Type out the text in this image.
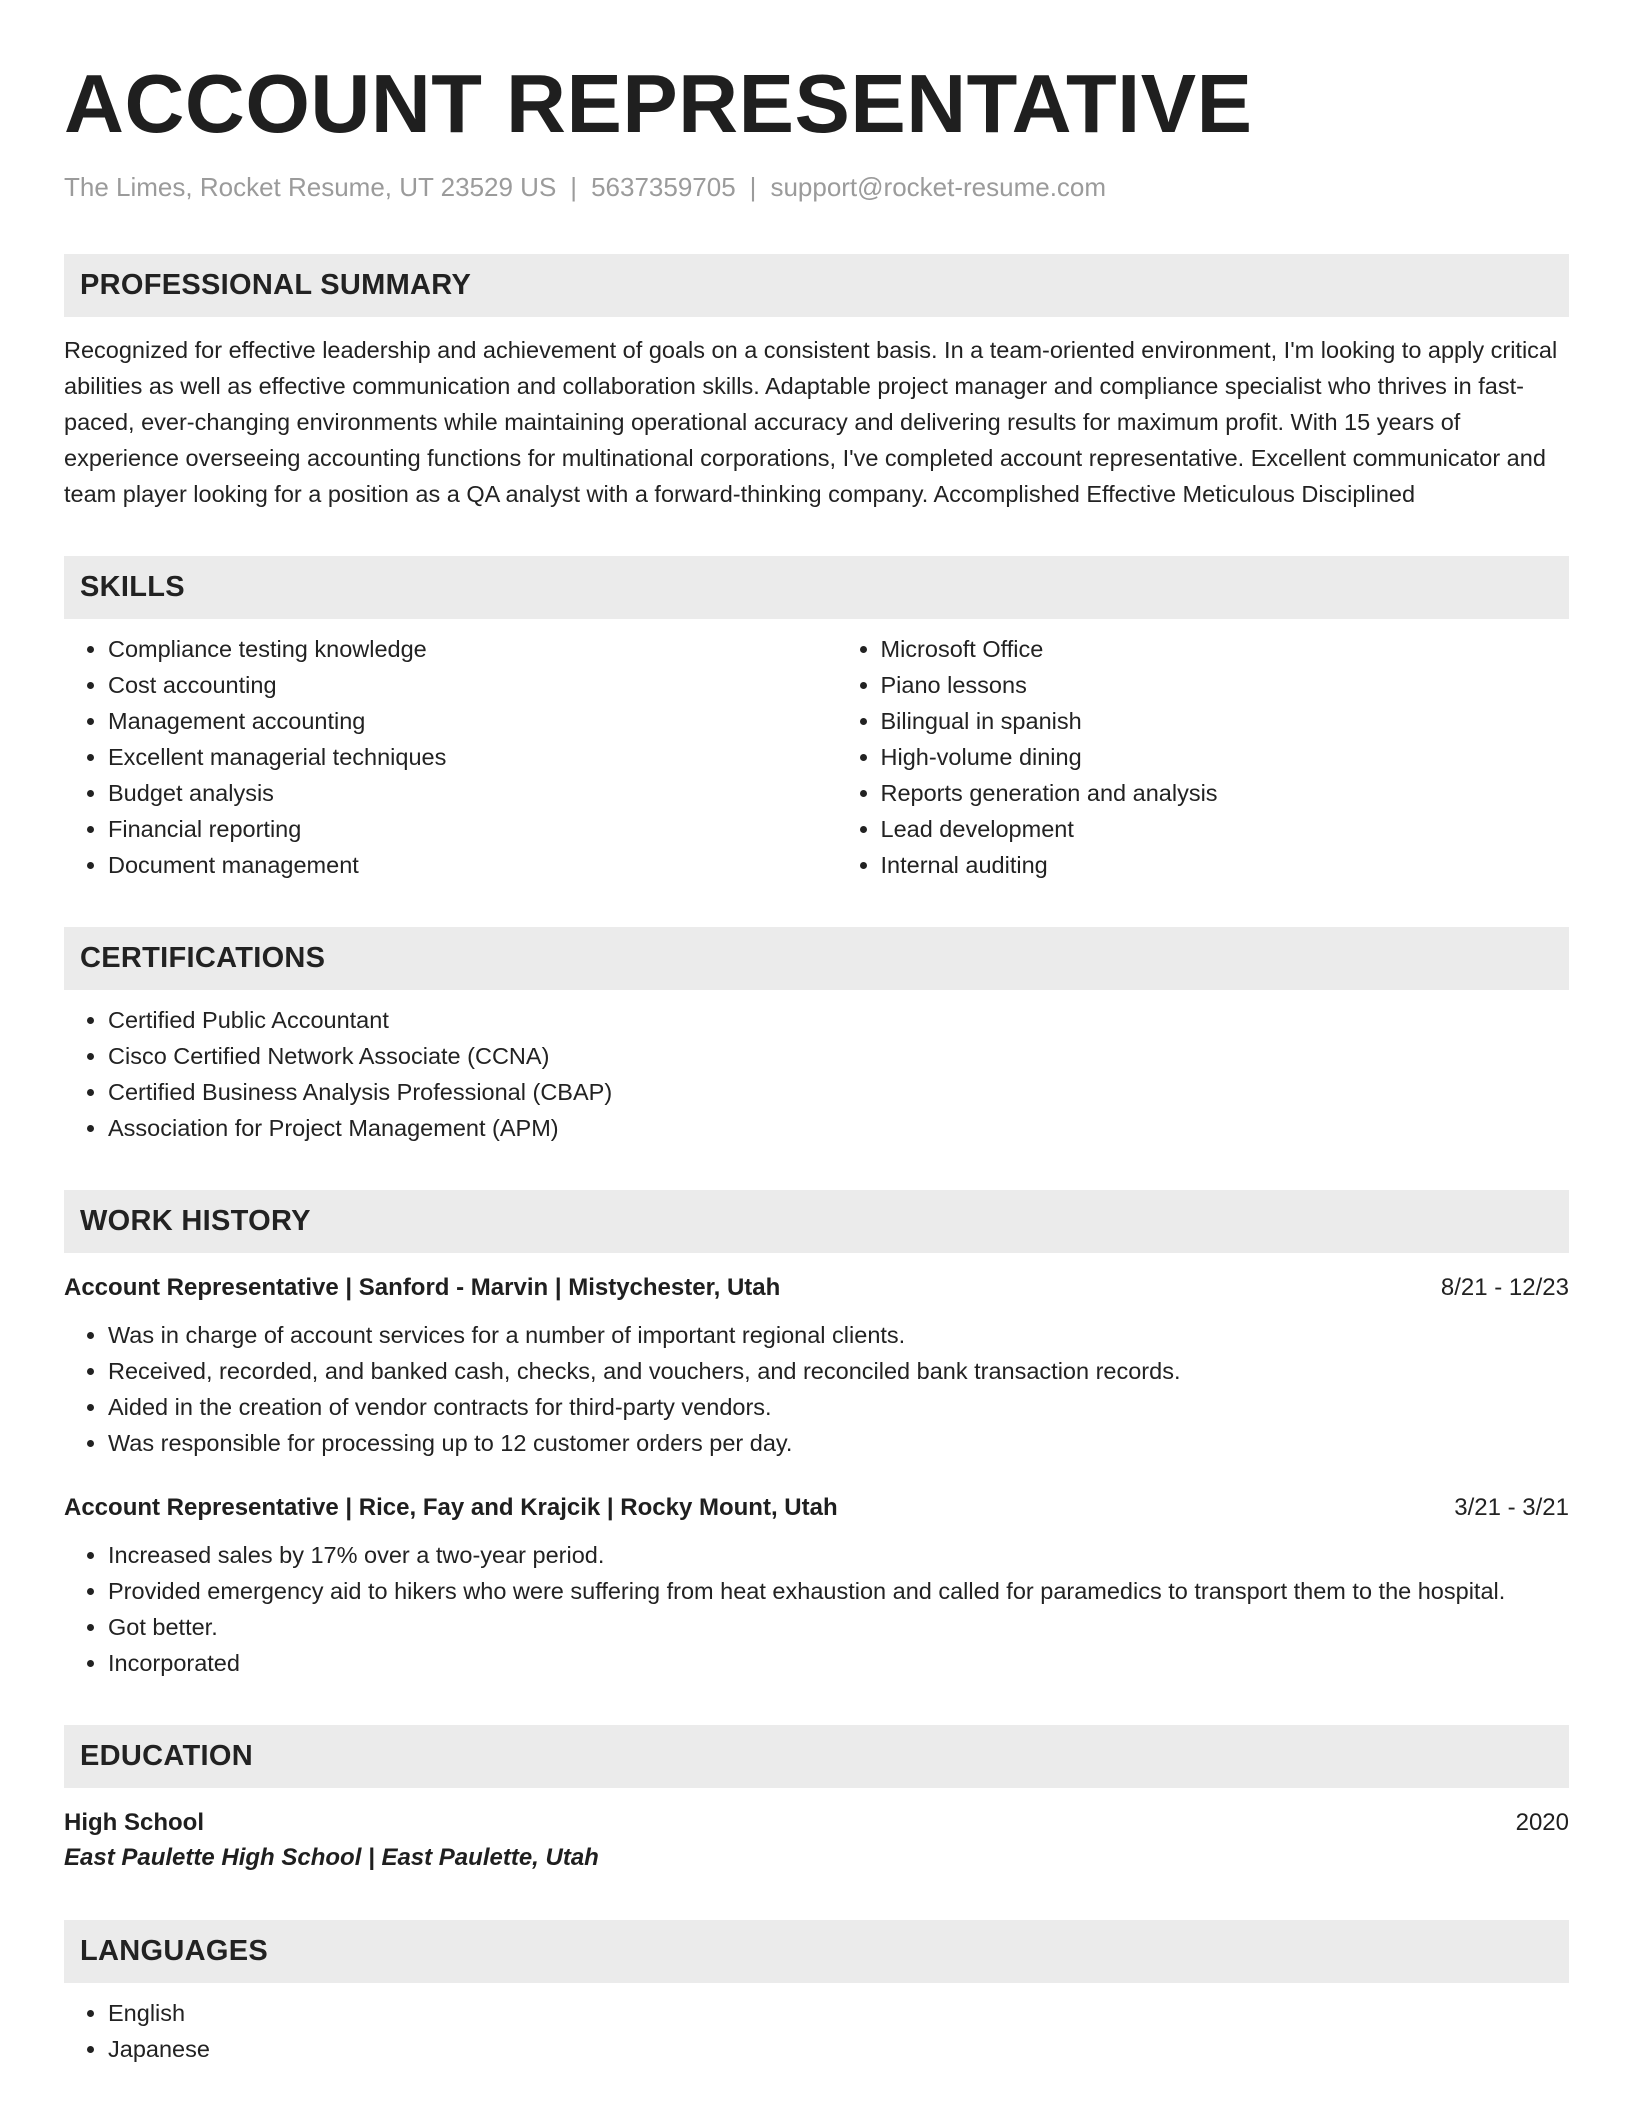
ACCOUNT REPRESENTATIVE
The Limes, Rocket Resume, UT 23529 US | 5637359705 | support@rocket-resume.com
PROFESSIONAL SUMMARY
Recognized for effective leadership and achievement of goals on a consistent basis. In a team-oriented environment, I'm looking to apply critical abilities as well as effective communication and collaboration skills. Adaptable project manager and compliance specialist who thrives in fast-paced, ever-changing environments while maintaining operational accuracy and delivering results for maximum profit. With 15 years of experience overseeing accounting functions for multinational corporations, I've completed account representative. Excellent communicator and team player looking for a position as a QA analyst with a forward-thinking company. Accomplished Effective Meticulous Disciplined
SKILLS
• Compliance testing knowledge
• Cost accounting
• Management accounting
• Excellent managerial techniques
• Budget analysis
• Financial reporting
• Document management
• Microsoft Office
• Piano lessons
• Bilingual in spanish
• High-volume dining
• Reports generation and analysis
• Lead development
• Internal auditing
CERTIFICATIONS
• Certified Public Accountant
• Cisco Certified Network Associate (CCNA)
• Certified Business Analysis Professional (CBAP)
• Association for Project Management (APM)
WORK HISTORY
Account Representative | Sanford - Marvin | Mistychester, Utah	8/21 - 12/23
• Was in charge of account services for a number of important regional clients.
• Received, recorded, and banked cash, checks, and vouchers, and reconciled bank transaction records.
• Aided in the creation of vendor contracts for third-party vendors.
• Was responsible for processing up to 12 customer orders per day.
Account Representative | Rice, Fay and Krajcik | Rocky Mount, Utah	3/21 - 3/21
• Increased sales by 17% over a two-year period.
• Provided emergency aid to hikers who were suffering from heat exhaustion and called for paramedics to transport them to the hospital.
• Got better.
• Incorporated
EDUCATION
High School	2020
East Paulette High School | East Paulette, Utah
LANGUAGES
• English
• Japanese
